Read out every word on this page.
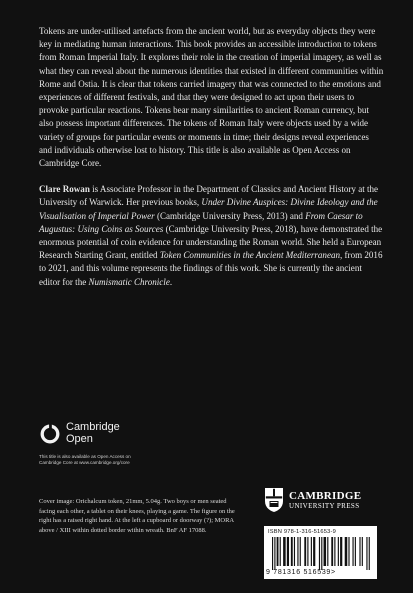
Tokens are under-utilised artefacts from the ancient world, but as everyday objects they were key in mediating human interactions. This book provides an accessible introduction to tokens from Roman Imperial Italy. It explores their role in the creation of imperial imagery, as well as what they can reveal about the numerous identities that existed in different communities within Rome and Ostia. It is clear that tokens carried imagery that was connected to the emotions and experiences of different festivals, and that they were designed to act upon their users to provoke particular reactions. Tokens bear many similarities to ancient Roman currency, but also possess important differences. The tokens of Roman Italy were objects used by a wide variety of groups for particular events or moments in time; their designs reveal experiences and individuals otherwise lost to history. This title is also available as Open Access on Cambridge Core.

Clare Rowan is Associate Professor in the Department of Classics and Ancient History at the University of Warwick. Her previous books, Under Divine Auspices: Divine Ideology and the Visualisation of Imperial Power (Cambridge University Press, 2013) and From Caesar to Augustus: Using Coins as Sources (Cambridge University Press, 2018), have demonstrated the enormous potential of coin evidence for understanding the Roman world. She held a European Research Starting Grant, entitled Token Communities in the Ancient Mediterranean, from 2016 to 2021, and this volume represents the findings of this work. She is currently the ancient editor for the Numismatic Chronicle.

Cambridge
Open
This title is also available as Open Access on
Cambridge Core at www.cambridge.org/core
Cover image: Orichalcum token, 21mm, 5.04g. Two boys or men seated facing each other, a tablet on their knees, playing a game. The figure on the right has a raised right hand. At the left a cupboard or doorway (?); MORA above / XIII within dotted border within wreath. BnF AF 17088.
CAMBRIDGE
UNIVERSITY PRESS
ISBN 978-1-316-51653-9
9 781316 516539>
